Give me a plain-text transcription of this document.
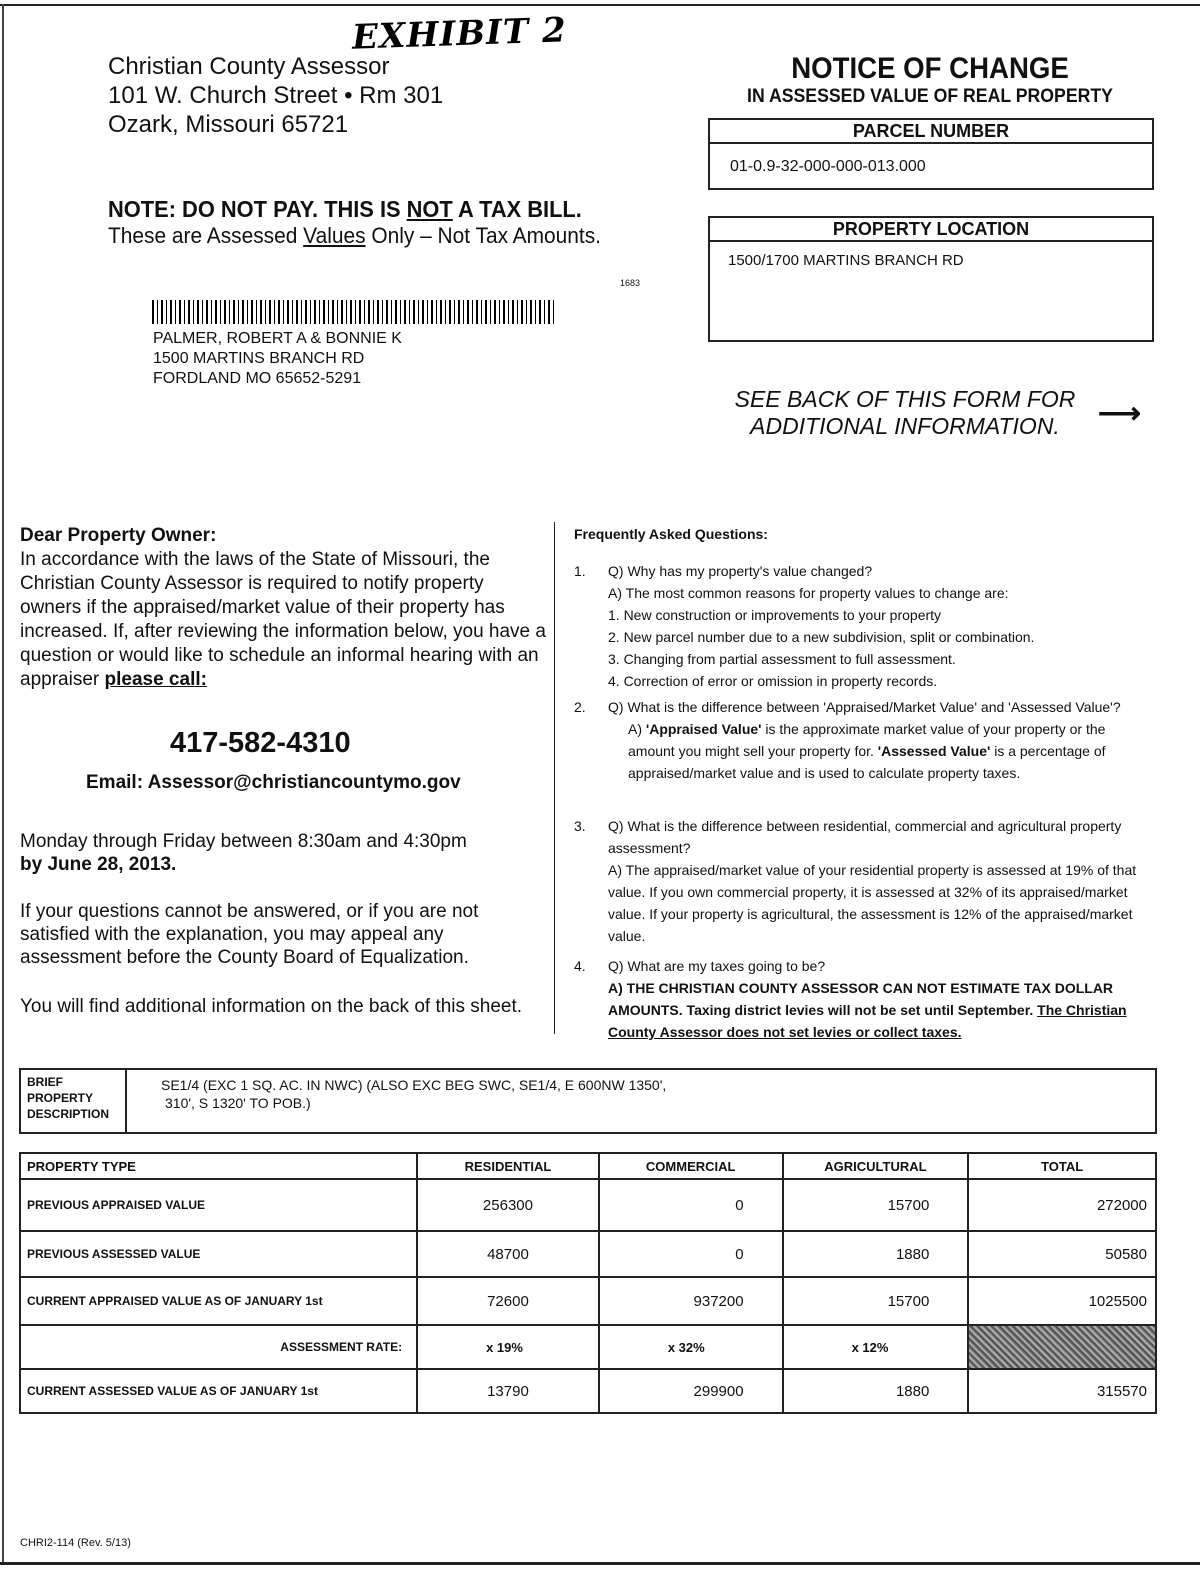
EXHIBIT 2
Christian County Assessor
101 W. Church Street • Rm 301
Ozark, Missouri 65721
NOTICE OF CHANGE
IN ASSESSED VALUE OF REAL PROPERTY
PARCEL NUMBER
01-0.9-32-000-000-013.000
PROPERTY LOCATION
1500/1700 MARTINS BRANCH RD
NOTE: DO NOT PAY. THIS IS NOT A TAX BILL.
These are Assessed Values Only – Not Tax Amounts.
1683
PALMER, ROBERT A & BONNIE K
1500 MARTINS BRANCH RD
FORDLAND MO 65652-5291
SEE BACK OF THIS FORM FOR
ADDITIONAL INFORMATION.	⟶
Dear Property Owner:
In accordance with the laws of the State of Missouri, the Christian County Assessor is required to notify property owners if the appraised/market value of their property has increased. If, after reviewing the information below, you have a question or would like to schedule an informal hearing with an appraiser please call:
417-582-4310
Email: Assessor@christiancountymo.gov
Monday through Friday between 8:30am and 4:30pm
by June 28, 2013.
If your questions cannot be answered, or if you are not satisfied with the explanation, you may appeal any assessment before the County Board of Equalization.
You will find additional information on the back of this sheet.
Frequently Asked Questions:
1. Q) Why has my property's value changed?
A) The most common reasons for property values to change are:
1. New construction or improvements to your property
2. New parcel number due to a new subdivision, split or combination.
3. Changing from partial assessment to full assessment.
4. Correction of error or omission in property records.
2. Q) What is the difference between 'Appraised/Market Value' and 'Assessed Value'?
A) 'Appraised Value' is the approximate market value of your property or the amount you might sell your property for. 'Assessed Value' is a percentage of appraised/market value and is used to calculate property taxes.
3. Q) What is the difference between residential, commercial and agricultural property assessment?
A) The appraised/market value of your residential property is assessed at 19% of that value. If you own commercial property, it is assessed at 32% of its appraised/market value. If your property is agricultural, the assessment is 12% of the appraised/market value.
4. Q) What are my taxes going to be?
A) THE CHRISTIAN COUNTY ASSESSOR CAN NOT ESTIMATE TAX DOLLAR AMOUNTS. Taxing district levies will not be set until September. The Christian County Assessor does not set levies or collect taxes.
BRIEF PROPERTY DESCRIPTION
SE1/4 (EXC 1 SQ. AC. IN NWC) (ALSO EXC BEG SWC, SE1/4, E 600NW 1350',
310', S 1320' TO POB.)
PROPERTY TYPE	RESIDENTIAL	COMMERCIAL	AGRICULTURAL	TOTAL
PREVIOUS APPRAISED VALUE	256300	0	15700	272000
PREVIOUS ASSESSED VALUE	48700	0	1880	50580
CURRENT APPRAISED VALUE AS OF JANUARY 1st	72600	937200	15700	1025500
ASSESSMENT RATE:	x 19%	x 32%	x 12%	
CURRENT ASSESSED VALUE AS OF JANUARY 1st	13790	299900	1880	315570
CHRI2-114 (Rev. 5/13)
